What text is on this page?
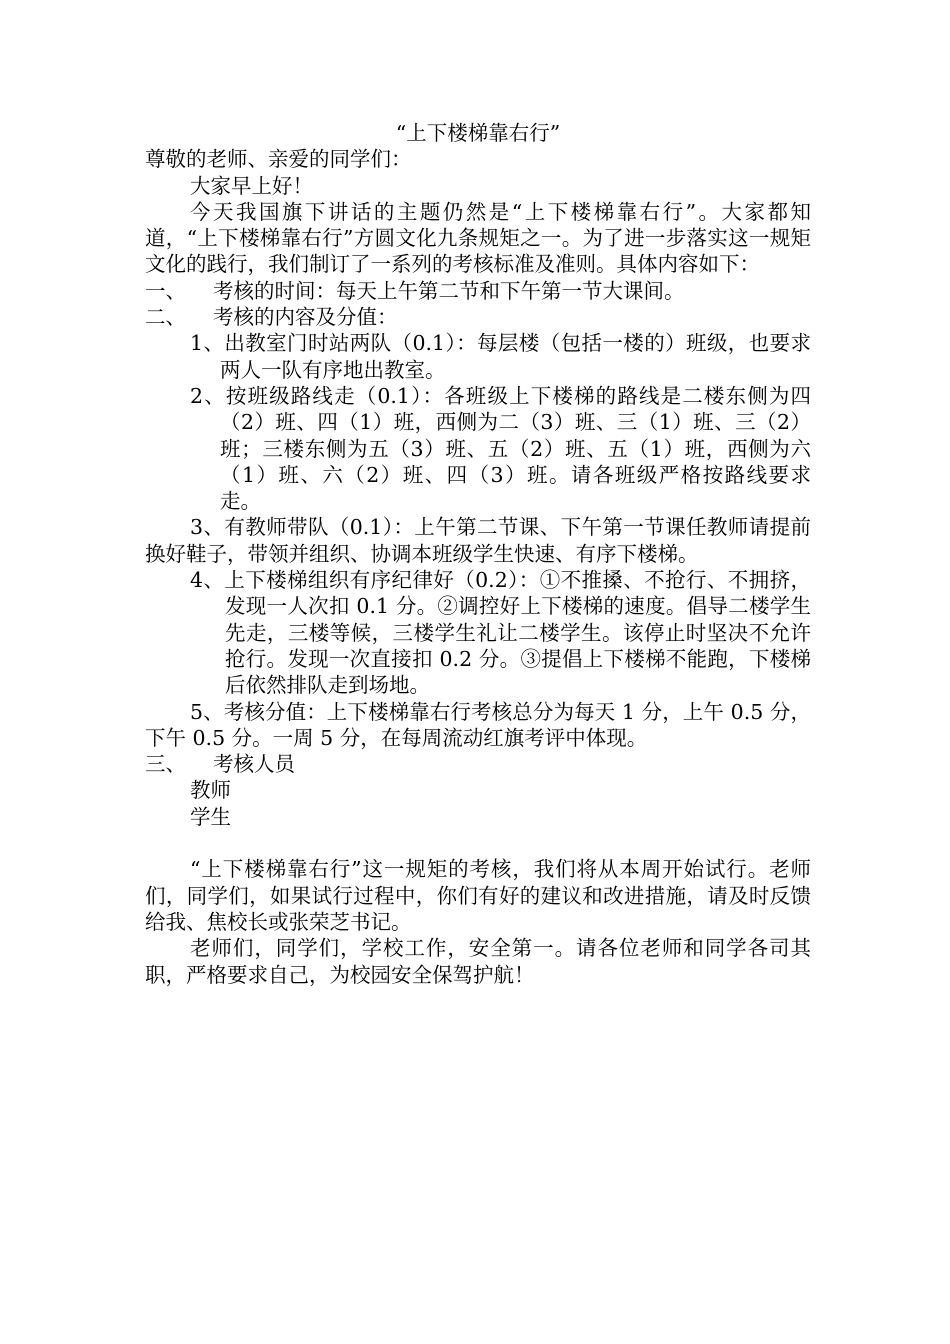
“上下楼梯靠右行”

尊敬的老师、亲爱的同学们：

大家早上好！

今天我国旗下讲话的主题仍然是“上下楼梯靠右行”。大家都知道，“上下楼梯靠右行”方圆文化九条规矩之一。为了进一步落实这一规矩文化的践行，我们制订了一系列的考核标准及准则。具体内容如下：

一、	考核的时间：每天上午第二节和下午第一节大课间。
二、	考核的内容及分值：

1、出教室门时站两队（0.1）：每层楼（包括一楼的）班级，也要求两人一队有序地出教室。

2、按班级路线走（0.1）：各班级上下楼梯的路线是二楼东侧为四（2）班、四（1）班，西侧为二（3）班、三（1）班、三（2）班；三楼东侧为五（3）班、五（2）班、五（1）班，西侧为六（1）班、六（2）班、四（3）班。请各班级严格按路线要求走。

3、有教师带队（0.1）：上午第二节课、下午第一节课任教师请提前换好鞋子，带领并组织、协调本班级学生快速、有序下楼梯。

4、上下楼梯组织有序纪律好（0.2）：①不推搡、不抢行、不拥挤，发现一人次扣 0.1 分。②调控好上下楼梯的速度。倡导二楼学生先走，三楼等候，三楼学生礼让二楼学生。该停止时坚决不允许抢行。发现一次直接扣 0.2 分。③提倡上下楼梯不能跑，下楼梯后依然排队走到场地。

5、考核分值：上下楼梯靠右行考核总分为每天 1 分，上午 0.5 分，下午 0.5 分。一周 5 分，在每周流动红旗考评中体现。

三、	考核人员

教师

学生

“上下楼梯靠右行”这一规矩的考核，我们将从本周开始试行。老师们，同学们，如果试行过程中，你们有好的建议和改进措施，请及时反馈给我、焦校长或张荣芝书记。

老师们，同学们，学校工作，安全第一。请各位老师和同学各司其职，严格要求自己，为校园安全保驾护航！
